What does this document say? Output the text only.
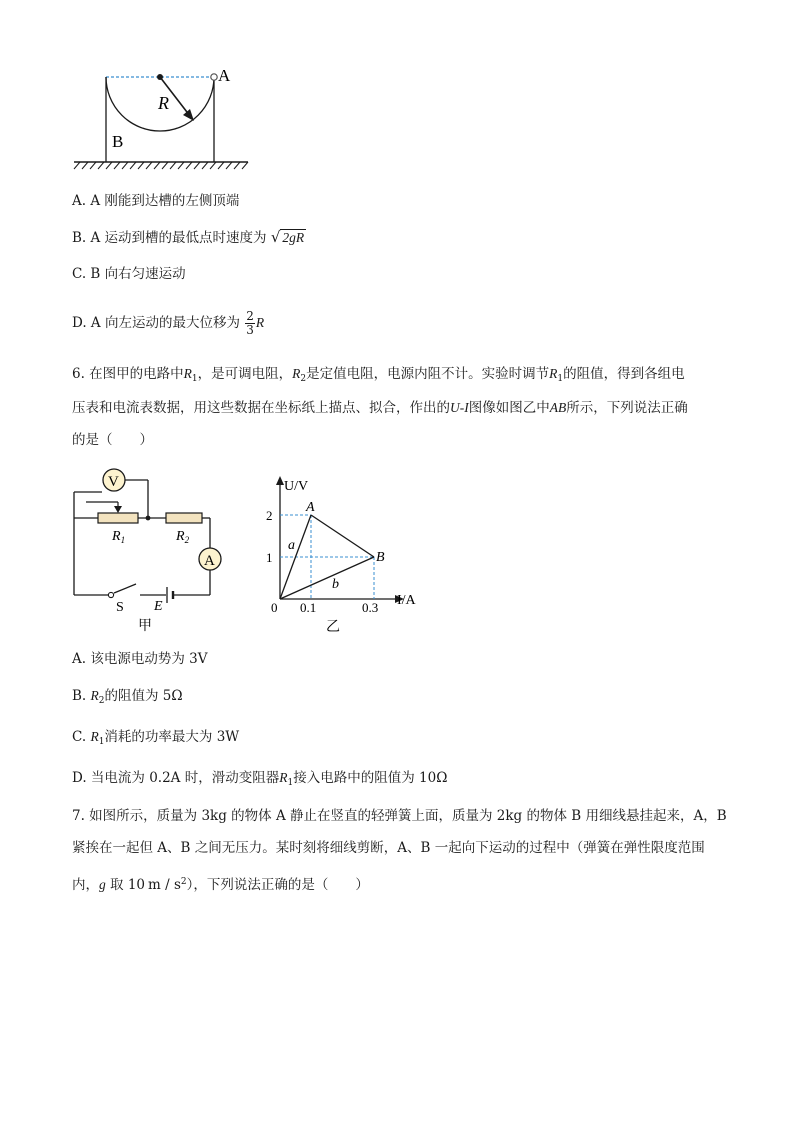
A
B
R
A. A 刚能到达槽的左侧顶端
B. A 运动到槽的最低点时速度为 √ 2gR
C. B 向右匀速运动
D. A 向左运动的最大位移为 $\frac{2}{3}$ R
6. 在图甲的电路中$R_1$，是可调电阻，$R_2$是定值电阻，电源内阻不计。实验时调节$R_1$的阻值，得到各组电
压表和电流表数据，用这些数据在坐标纸上描点、拟合，作出的U-I图像如图乙中AB所示，下列说法正确
的是（　　）
V
A
$R_1$	$R_2$
S E
甲
U/V
I/A
A
B
a
b
2
1
0 0.1	0.3
乙
A. 该电源电动势为 3V
B. $R_2$的阻值为 5Ω
C. $R_1$消耗的功率最大为 3W
D. 当电流为 0.2A 时，滑动变阻器$R_1$接入电路中的阻值为 10Ω
7. 如图所示，质量为 3kg 的物体 A 静止在竖直的轻弹簧上面，质量为 2kg 的物体 B 用细线悬挂起来，A，B
紧挨在一起但 A、B 之间无压力。某时刻将细线剪断，A、B 一起向下运动的过程中（弹簧在弹性限度范围
内，g 取 10 m / $s^2$），下列说法正确的是（　　）
